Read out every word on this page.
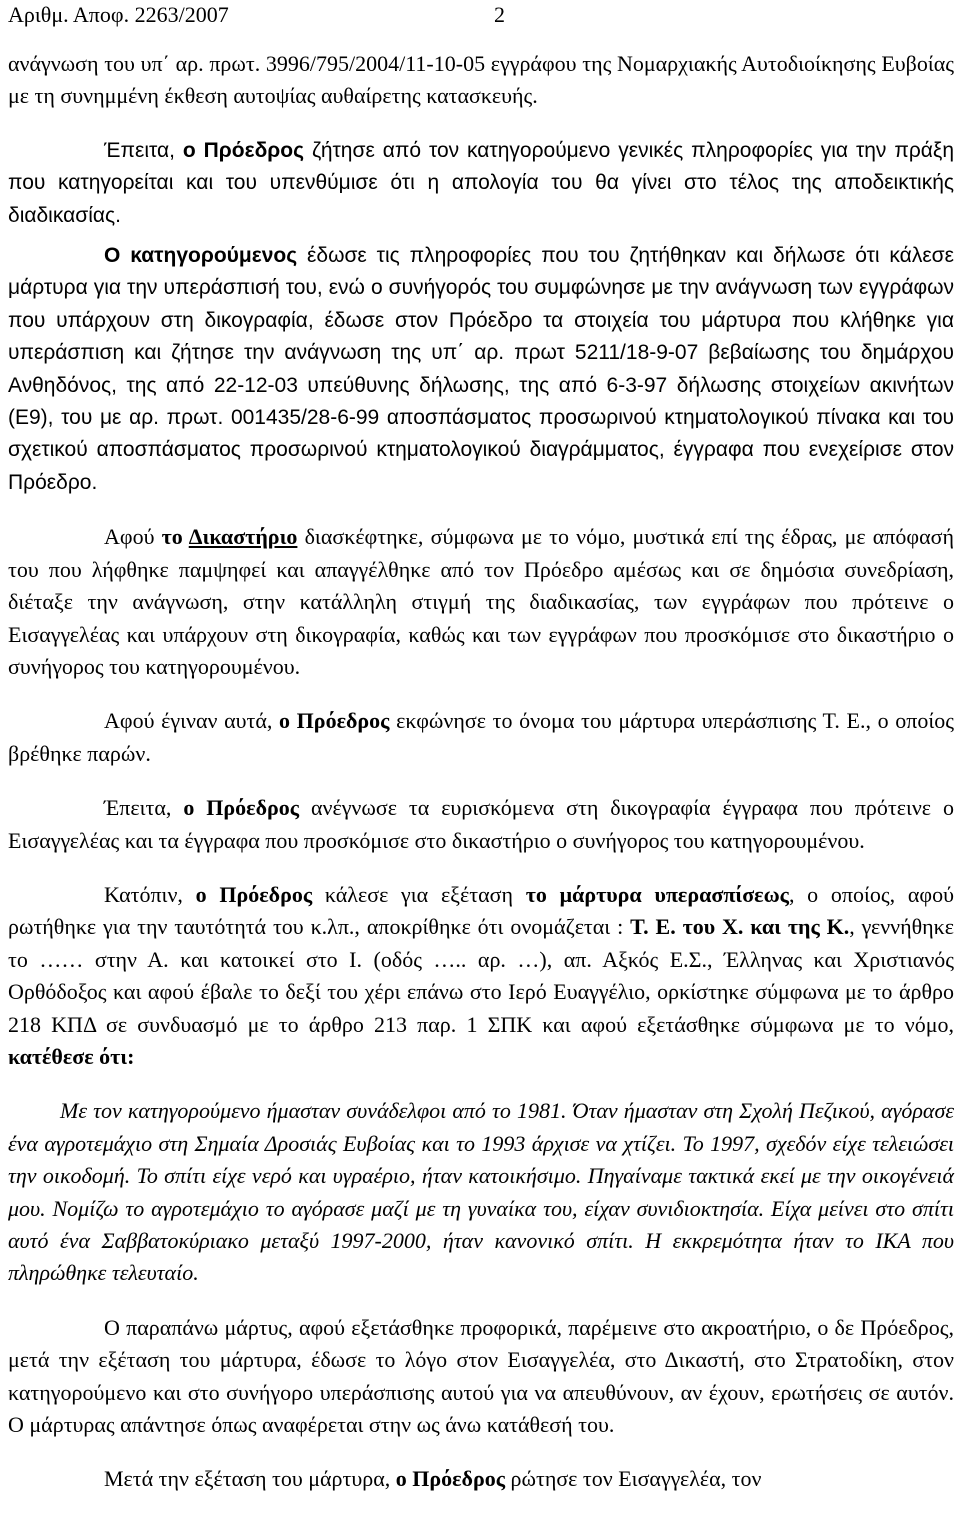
Αριθμ. Αποφ. 2263/2007	2

ανάγνωση του υπ΄ αρ. πρωτ. 3996/795/2004/11-10-05 εγγράφου της Νομαρχιακής Αυτοδιοίκησης Ευβοίας με τη συνημμένη έκθεση αυτοψίας αυθαίρετης κατασκευής.

Έπειτα, ο Πρόεδρος ζήτησε από τον κατηγορούμενο γενικές πληροφορίες για την πράξη που κατηγορείται και του υπενθύμισε ότι η απολογία του θα γίνει στο τέλος της αποδεικτικής διαδικασίας.

Ο κατηγορούμενος έδωσε τις πληροφορίες που του ζητήθηκαν και δήλωσε ότι κάλεσε μάρτυρα για την υπεράσπισή του, ενώ ο συνήγορός του συμφώνησε με την ανάγνωση των εγγράφων που υπάρχουν στη δικογραφία, έδωσε στον Πρόεδρο τα στοιχεία του μάρτυρα που κλήθηκε για υπεράσπιση και ζήτησε την ανάγνωση της υπ΄ αρ. πρωτ 5211/18-9-07 βεβαίωσης του δημάρχου Ανθηδόνος, της από 22-12-03 υπεύθυνης δήλωσης, της από 6-3-97 δήλωσης στοιχείων ακινήτων (Ε9), του με αρ. πρωτ. 001435/28-6-99 αποσπάσματος προσωρινού κτηματολογικού πίνακα και του σχετικού αποσπάσματος προσωρινού κτηματολογικού διαγράμματος, έγγραφα που ενεχείρισε στον Πρόεδρο.

Αφού το Δικαστήριο διασκέφτηκε, σύμφωνα με το νόμο, μυστικά επί της έδρας, με απόφασή του που λήφθηκε παμψηφεί και απαγγέλθηκε από τον Πρόεδρο αμέσως και σε δημόσια συνεδρίαση, διέταξε την ανάγνωση, στην κατάλληλη στιγμή της διαδικασίας, των εγγράφων που πρότεινε ο Εισαγγελέας και υπάρχουν στη δικογραφία, καθώς και των εγγράφων που προσκόμισε στο δικαστήριο ο συνήγορος του κατηγορουμένου.

Αφού έγιναν αυτά, ο Πρόεδρος εκφώνησε το όνομα του μάρτυρα υπεράσπισης Τ. Ε., ο οποίος βρέθηκε παρών.

Έπειτα, ο Πρόεδρος ανέγνωσε τα ευρισκόμενα στη δικογραφία έγγραφα που πρότεινε ο Εισαγγελέας και τα έγγραφα που προσκόμισε στο δικαστήριο ο συνήγορος του κατηγορουμένου.

Κατόπιν, ο Πρόεδρος κάλεσε για εξέταση το μάρτυρα υπερασπίσεως, ο οποίος, αφού ρωτήθηκε για την ταυτότητά του κ.λπ., αποκρίθηκε ότι ονομάζεται : Τ. Ε. του Χ. και της Κ., γεννήθηκε το …… στην Α. και κατοικεί στο Ι. (οδός ….. αρ. …), απ. Αξκός Ε.Σ., Έλληνας και Χριστιανός Ορθόδοξος και αφού έβαλε το δεξί του χέρι επάνω στο Ιερό Ευαγγέλιο, ορκίστηκε σύμφωνα με το άρθρο 218 ΚΠΔ σε συνδυασμό με το άρθρο 213 παρ. 1 ΣΠΚ και αφού εξετάσθηκε σύμφωνα με το νόμο, κατέθεσε ότι:

Με τον κατηγορούμενο ήμασταν συνάδελφοι από το 1981. Όταν ήμασταν στη Σχολή Πεζικού, αγόρασε ένα αγροτεμάχιο στη Σημαία Δροσιάς Ευβοίας και το 1993 άρχισε να χτίζει. Το 1997, σχεδόν είχε τελειώσει την οικοδομή. Το σπίτι είχε νερό και υγραέριο, ήταν κατοικήσιμο. Πηγαίναμε τακτικά εκεί με την οικογένειά μου. Νομίζω το αγροτεμάχιο το αγόρασε μαζί με τη γυναίκα του, είχαν συνιδιοκτησία. Είχα μείνει στο σπίτι αυτό ένα Σαββατοκύριακο μεταξύ 1997-2000, ήταν κανονικό σπίτι. Η εκκρεμότητα ήταν το ΙΚΑ που πληρώθηκε τελευταίο.

Ο παραπάνω μάρτυς, αφού εξετάσθηκε προφορικά, παρέμεινε στο ακροατήριο, ο δε Πρόεδρος, μετά την εξέταση του μάρτυρα, έδωσε το λόγο στον Εισαγγελέα, στο Δικαστή, στο Στρατοδίκη, στον κατηγορούμενο και στο συνήγορο υπεράσπισης αυτού για να απευθύνουν, αν έχουν, ερωτήσεις σε αυτόν. Ο μάρτυρας απάντησε όπως αναφέρεται στην ως άνω κατάθεσή του.

Μετά την εξέταση του μάρτυρα, ο Πρόεδρος ρώτησε τον Εισαγγελέα, τον
